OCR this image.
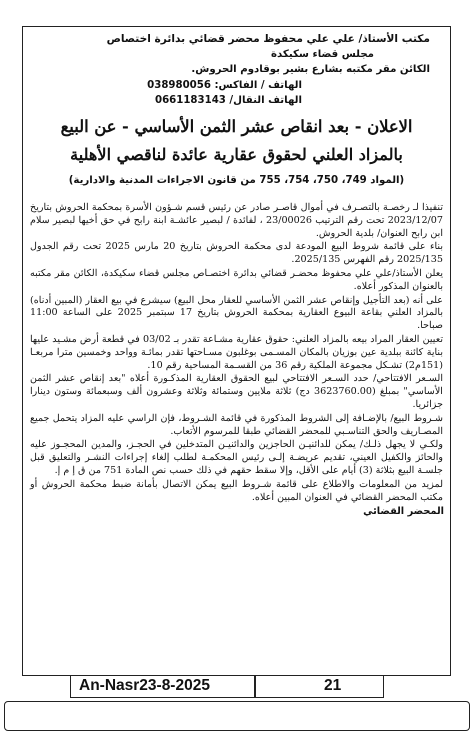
مكتب الأستاذ/ علي علي محفوظ محضر قضائي بدائرة اختصاص
مجلس قضاء سكيكدة
الكائن مقر مكتبه بشارع بشير بوقادوم الحروش.
الهاتف / الفاكس: 038980056
الهاتف النقال/ 0661183143
الاعلان - بعد انقاص عشر الثمن الأساسي - عن البيع
بالمزاد العلني لحقوق عقارية عائدة لناقصي الأهلية
(المواد 749، 750، 754، 755 من قانون الاجراءات المدنية والادارية)

تنفيذا لـ رخصـة بالتصـرف في أموال قاصـر صادر عن رئيس قسم شـؤون الأسرة بمحكمة الحروش بتاريخ 2023/12/07 تحت رقم الترتيب 23/00026 ، لفائدة / لبصير عائشـة ابنة رابح في حق أخيها لبصير سلام ابن رابح العنوان/ بلدية الحروش.

بناء على قائمة شروط البيع المودعة لدى محكمة الحروش بتاريخ 20 مارس 2025 تحت رقم الجدول 2025/135 رقم الفهرس 2025/135.

يعلن الأستاذ/علي علي محفوظ محضـر قضائي بدائرة اختصـاص مجلس قضاء سكيكدة، الكائن مقر مكتبه بالعنوان المذكور أعلاه.

على أنه (بعد التأجيل وإنقاص عشر الثمن الأساسي للعقار محل البيع) سيشرع في بيع العقار (المبين أدناه) بالمزاد العلني بقاعة البيوع العقارية بمحكمة الحروش بتاريخ 17 سبتمبر 2025 على الساعة 11:00 صباحا.

تعيين العقار المراد بيعه بالمزاد العلني: حقوق عقارية مشـاعة تقدر بـ 03/02 في قطعة أرض مشـيد عليها بناية كائنة ببلدية عين بوزيان بالمكان المسـمى بوغلبون مسـاحتها تقدر بمائـة وواحد وخمسين مترا مربعـا (151م2) تشـكل مجموعة الملكية رقم 36 من القسـمة المساحية رقم 10.

السـعر الافتتاحي/ حدد السـعر الافتتاحي لبيع الحقوق العقارية المذكـورة أعلاه "بعد إنقاص عشر الثمن الأساسي" بمبلغ (3623760.00 دج) ثلاثة ملايين وستمائة وثلاثة وعشرون ألف وسبعمائة وستون دينارا جزائريا.

شـروط البيع/ بالإضـافة إلى الشروط المذكورة في قائمة الشـروط، فإن الراسي عليه المزاد يتحمل جميع المصـاريف والحق التناسـبي للمحضر القضائي طبقا للمرسوم الأتعاب.

ولكـي لا يجهل ذلـك/ يمكن للدائنيـن الحاجزين والدائنيـن المتدخلين في الحجـز، والمدين المحجـوز عليه والحائز والكفيل العيني، تقديم عريضـة إلـى رئيس المحكمـة لطلب إلغاء إجراءات النشـر والتعليق قبل جلسـة البيع بثلاثة (3) أيام على الأقل، وإلا سقط حقهم في ذلك حسب نص المادة 751 من ق إ م إ.

لمزيد من المعلومات والاطلاع على قائمة شـروط البيع يمكن الاتصال بأمانة ضبط محكمة الحروش أو مكتب المحضر القضائي في العنوان المبين أعلاه.

المحضر القضائي
An-Nasr23-8-2025	21
